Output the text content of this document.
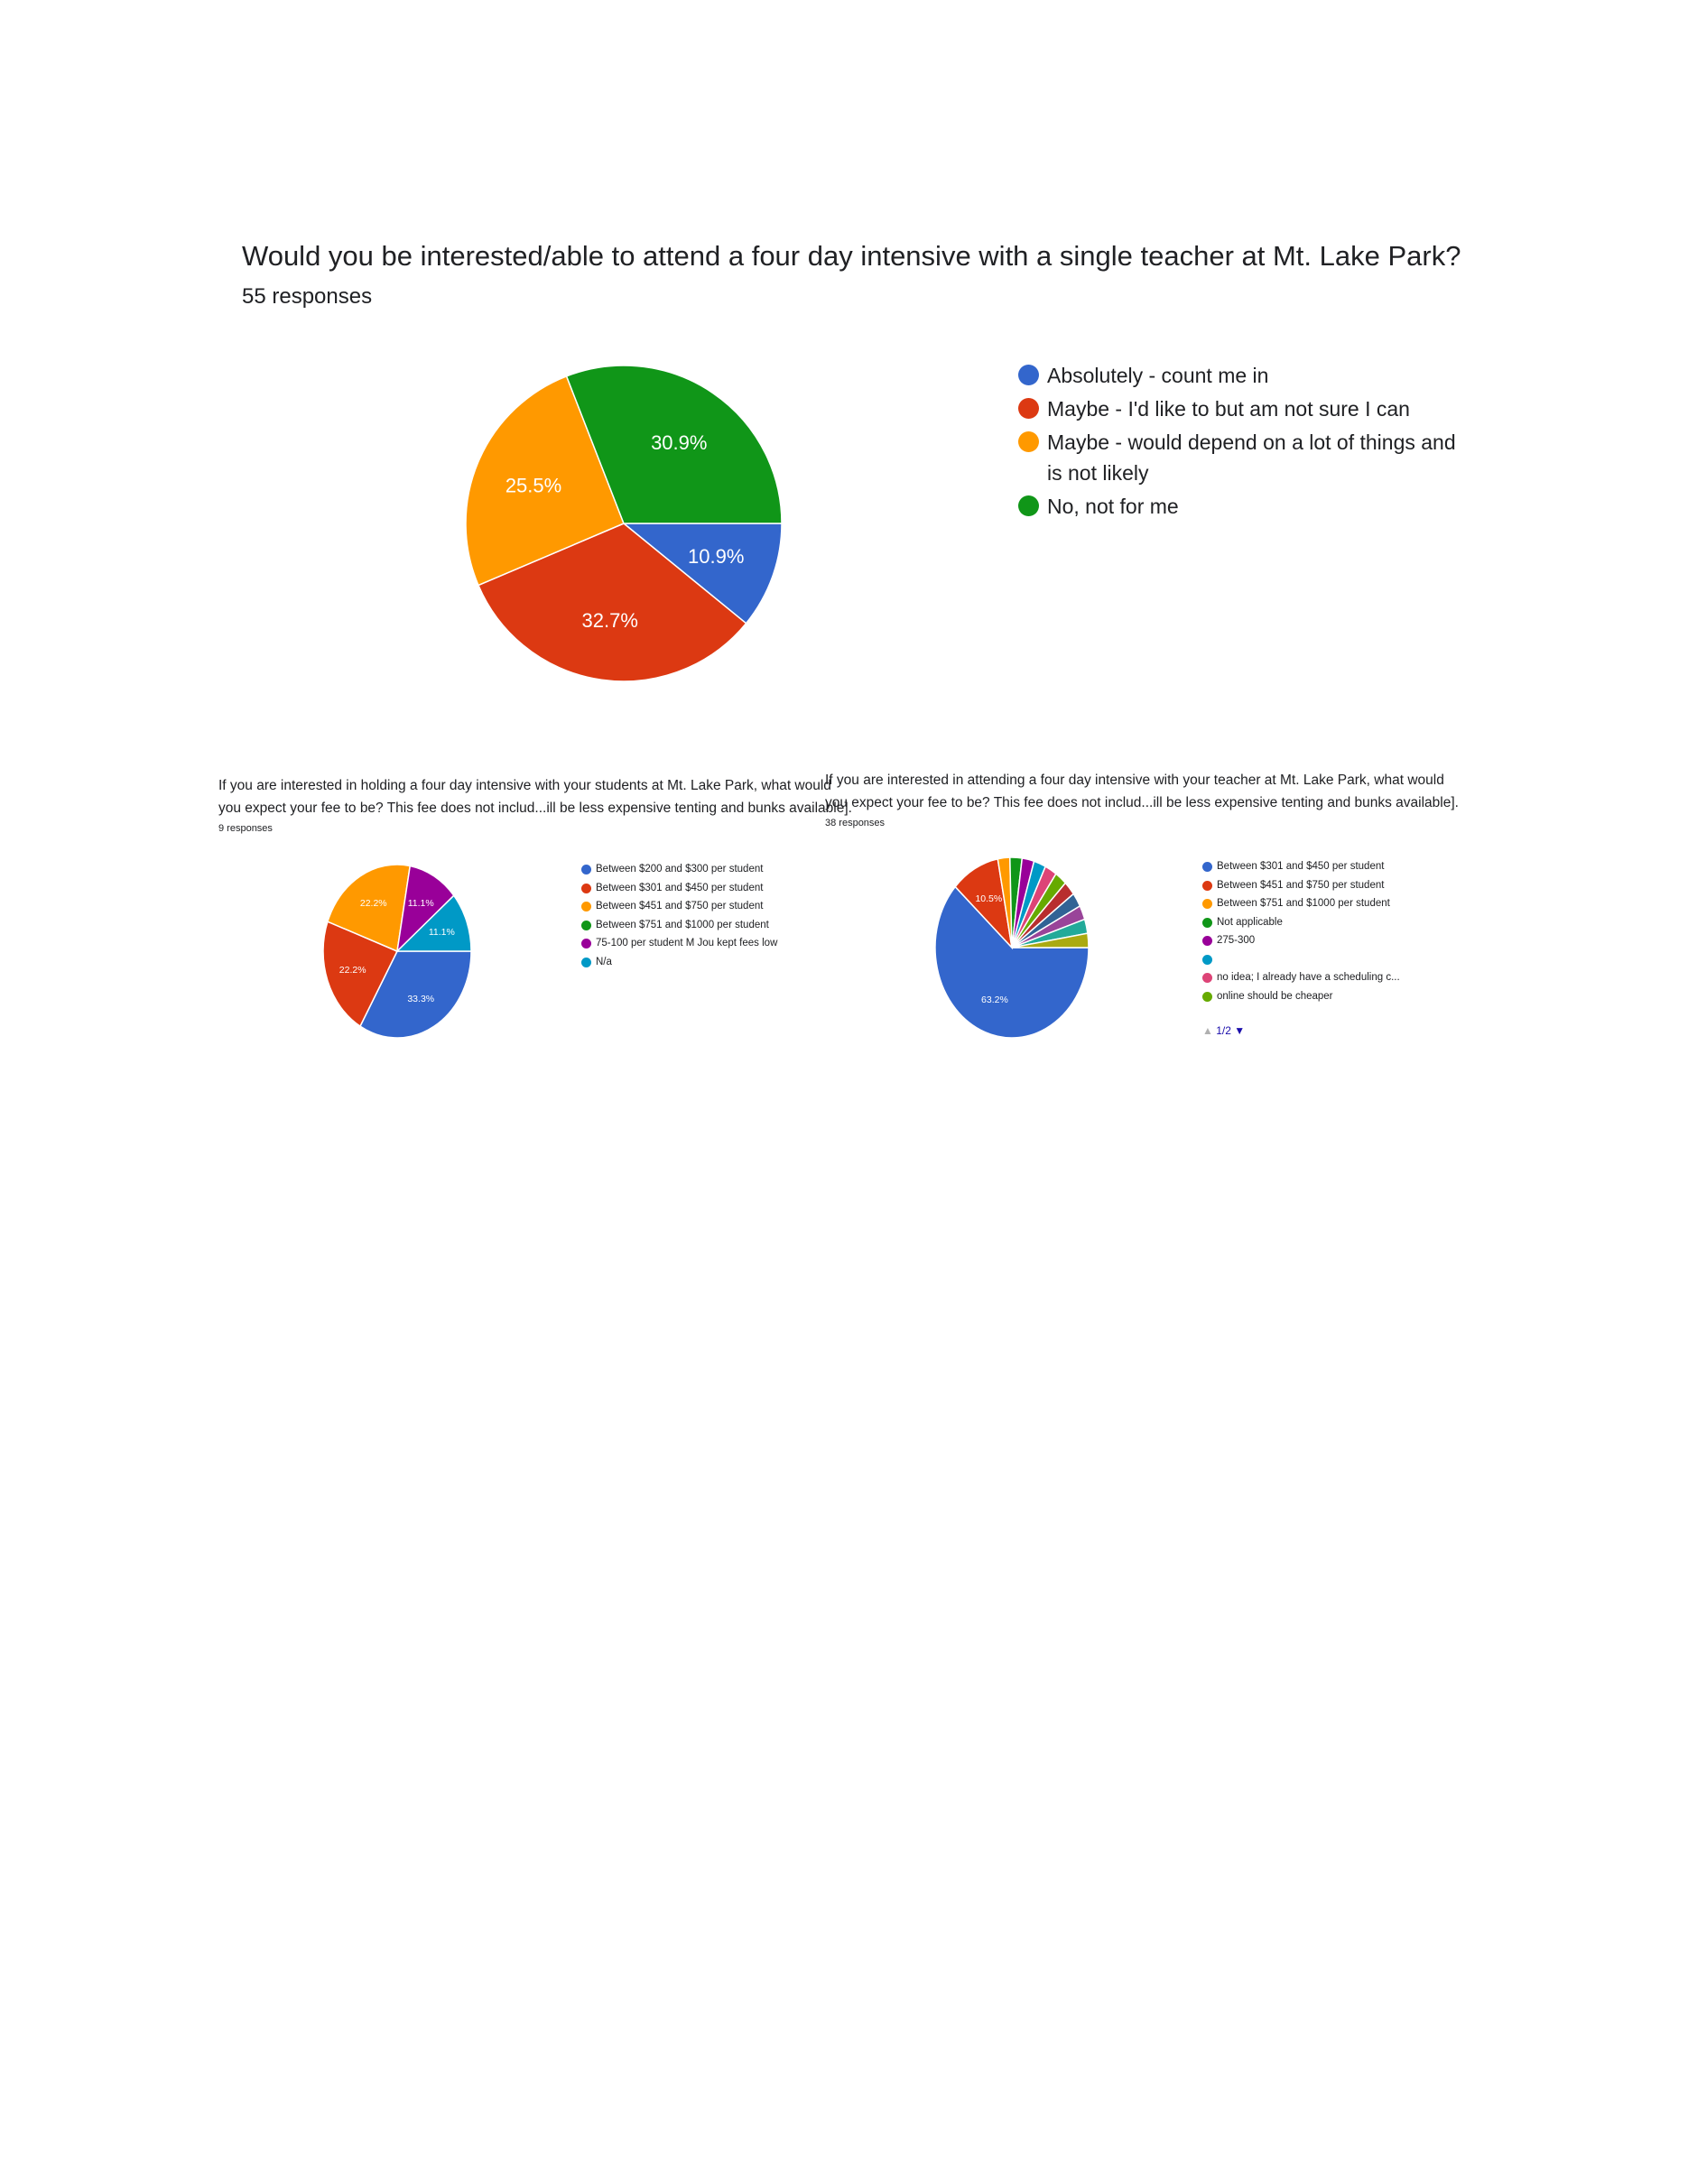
Would you be interested/able to attend a four day intensive with a single teacher at Mt. Lake Park?
55 responses
10.9%
32.7%
25.5%
30.9%
Absolutely - count me in
Maybe - I'd like to but am not sure I can
Maybe - would depend on a lot of things and is not likely
No, not for me
If you are interested in holding a four day intensive with your students at Mt. Lake Park, what would
you expect your fee to be? This fee does not includ...ill be less expensive tenting and bunks available].
9 responses
33.3%
22.2%
22.2% 11.1%
11.1%
Between $200 and $300 per student
Between $301 and $450 per student
Between $451 and $750 per student
Between $751 and $1000 per student
75-100 per student M Jou kept fees low
N/a
If you are interested in attending a four day intensive with your teacher at Mt. Lake Park, what would
you expect your fee to be? This fee does not includ...ill be less expensive tenting and bunks available].
38 responses
63.2%
10.5%
Between $301 and $450 per student
Between $451 and $750 per student
Between $751 and $1000 per student
Not applicable
275-300
no idea; I already have a scheduling c...
online should be cheaper
▲ 1/2 ▼
